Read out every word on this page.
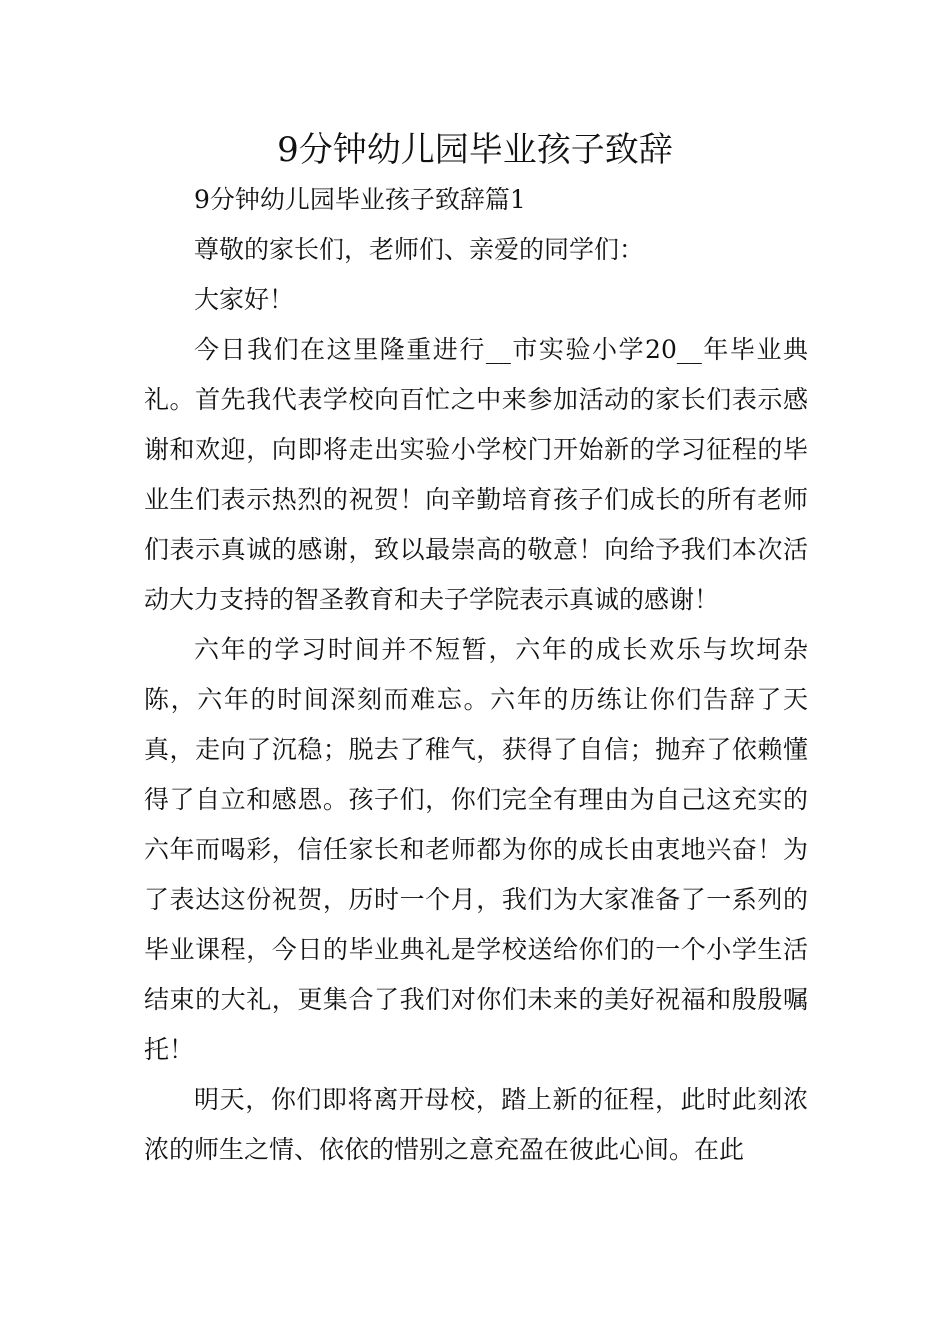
9分钟幼儿园毕业孩子致辞

9分钟幼儿园毕业孩子致辞篇1

尊敬的家长们，老师们、亲爱的同学们：

大家好！

今日我们在这里隆重进行__市实验小学20__年毕业典礼。首先我代表学校向百忙之中来参加活动的家长们表示感谢和欢迎，向即将走出实验小学校门开始新的学习征程的毕业生们表示热烈的祝贺！向辛勤培育孩子们成长的所有老师们表示真诚的感谢，致以最崇高的敬意！向给予我们本次活动大力支持的智圣教育和夫子学院表示真诚的感谢！

六年的学习时间并不短暂，六年的成长欢乐与坎坷杂陈，六年的时间深刻而难忘。六年的历练让你们告辞了天真，走向了沉稳；脱去了稚气，获得了自信；抛弃了依赖懂得了自立和感恩。孩子们，你们完全有理由为自己这充实的六年而喝彩，信任家长和老师都为你的成长由衷地兴奋！为了表达这份祝贺，历时一个月，我们为大家准备了一系列的毕业课程，今日的毕业典礼是学校送给你们的一个小学生活结束的大礼，更集合了我们对你们未来的美好祝福和殷殷嘱托！

明天，你们即将离开母校，踏上新的征程，此时此刻浓浓的师生之情、依依的惜别之意充盈在彼此心间。在此
